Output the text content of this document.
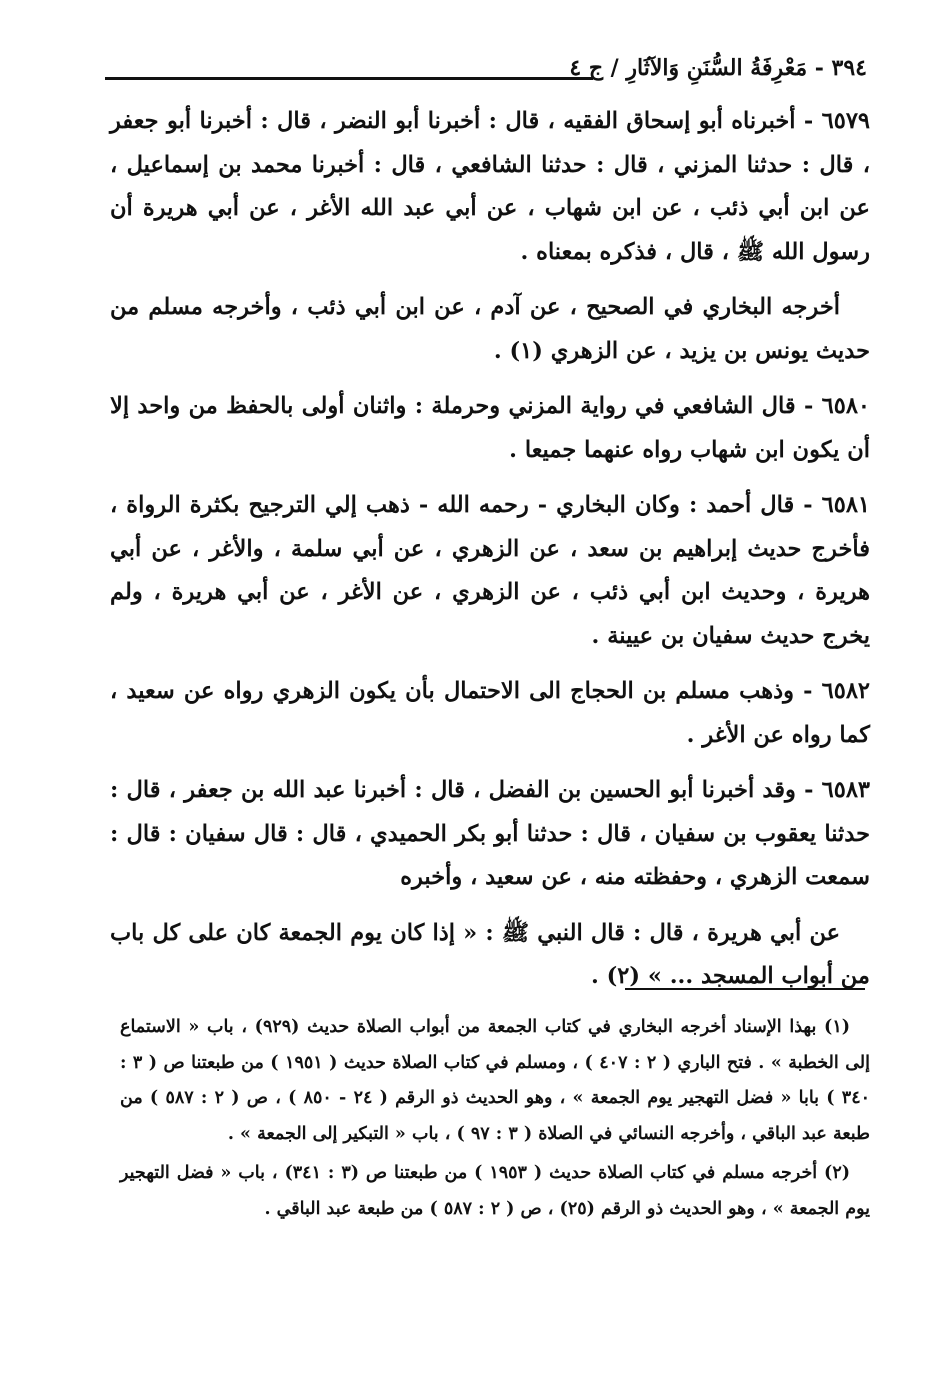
٣٩٤ - مَعْرِفَةُ السُّنَنِ وَالآثَارِ / ج ٤

٦٥٧٩ - أخبرناه أبو إسحاق الفقيه ، قال : أخبرنا أبو النضر ، قال : أخبرنا أبو جعفر ، قال : حدثنا المزني ، قال : حدثنا الشافعي ، قال : أخبرنا محمد بن إسماعيل ، عن ابن أبي ذئب ، عن ابن شهاب ، عن أبي عبد الله الأغر ، عن أبي هريرة أن رسول الله ﷺ ، قال ، فذكره بمعناه .

أخرجه البخاري في الصحيح ، عن آدم ، عن ابن أبي ذئب ، وأخرجه مسلم من حديث يونس بن يزيد ، عن الزهري (١) .

٦٥٨٠ - قال الشافعي في رواية المزني وحرملة : واثنان أولى بالحفظ من واحد إلا أن يكون ابن شهاب رواه عنهما جميعا .

٦٥٨١ - قال أحمد : وكان البخاري - رحمه الله - ذهب إلي الترجيح بكثرة الرواة ، فأخرج حديث إبراهيم بن سعد ، عن الزهري ، عن أبي سلمة ، والأغر ، عن أبي هريرة ، وحديث ابن أبي ذئب ، عن الزهري ، عن الأغر ، عن أبي هريرة ، ولم يخرج حديث سفيان بن عيينة .

٦٥٨٢ - وذهب مسلم بن الحجاج الى الاحتمال بأن يكون الزهري رواه عن سعيد ، كما رواه عن الأغر .

٦٥٨٣ - وقد أخبرنا أبو الحسين بن الفضل ، قال : أخبرنا عبد الله بن جعفر ، قال : حدثنا يعقوب بن سفيان ، قال : حدثنا أبو بكر الحميدي ، قال : قال سفيان : قال : سمعت الزهري ، وحفظته منه ، عن سعيد ، وأخبره

عن أبي هريرة ، قال : قال النبي ﷺ : « إذا كان يوم الجمعة كان على كل باب من أبواب المسجد ... » (٢) .

(١) بهذا الإسناد أخرجه البخاري في كتاب الجمعة من أبواب الصلاة حديث (٩٢٩) ، باب « الاستماع إلى الخطبة » . فتح الباري ( ٢ : ٤٠٧ ) ، ومسلم في كتاب الصلاة حديث ( ١٩٥١ ) من طبعتنا ص ( ٣ : ٣٤٠ ) بابا « فضل التهجير يوم الجمعة » ، وهو الحديث ذو الرقم ( ٢٤ - ٨٥٠ ) ، ص ( ٢ : ٥٨٧ ) من طبعة عبد الباقي ، وأخرجه النسائي في الصلاة ( ٣ : ٩٧ ) ، باب « التبكير إلى الجمعة » .

(٢) أخرجه مسلم في كتاب الصلاة حديث ( ١٩٥٣ ) من طبعتنا ص (٣ : ٣٤١) ، باب « فضل التهجير يوم الجمعة » ، وهو الحديث ذو الرقم (٢٥) ، ص ( ٢ : ٥٨٧ ) من طبعة عبد الباقي .
